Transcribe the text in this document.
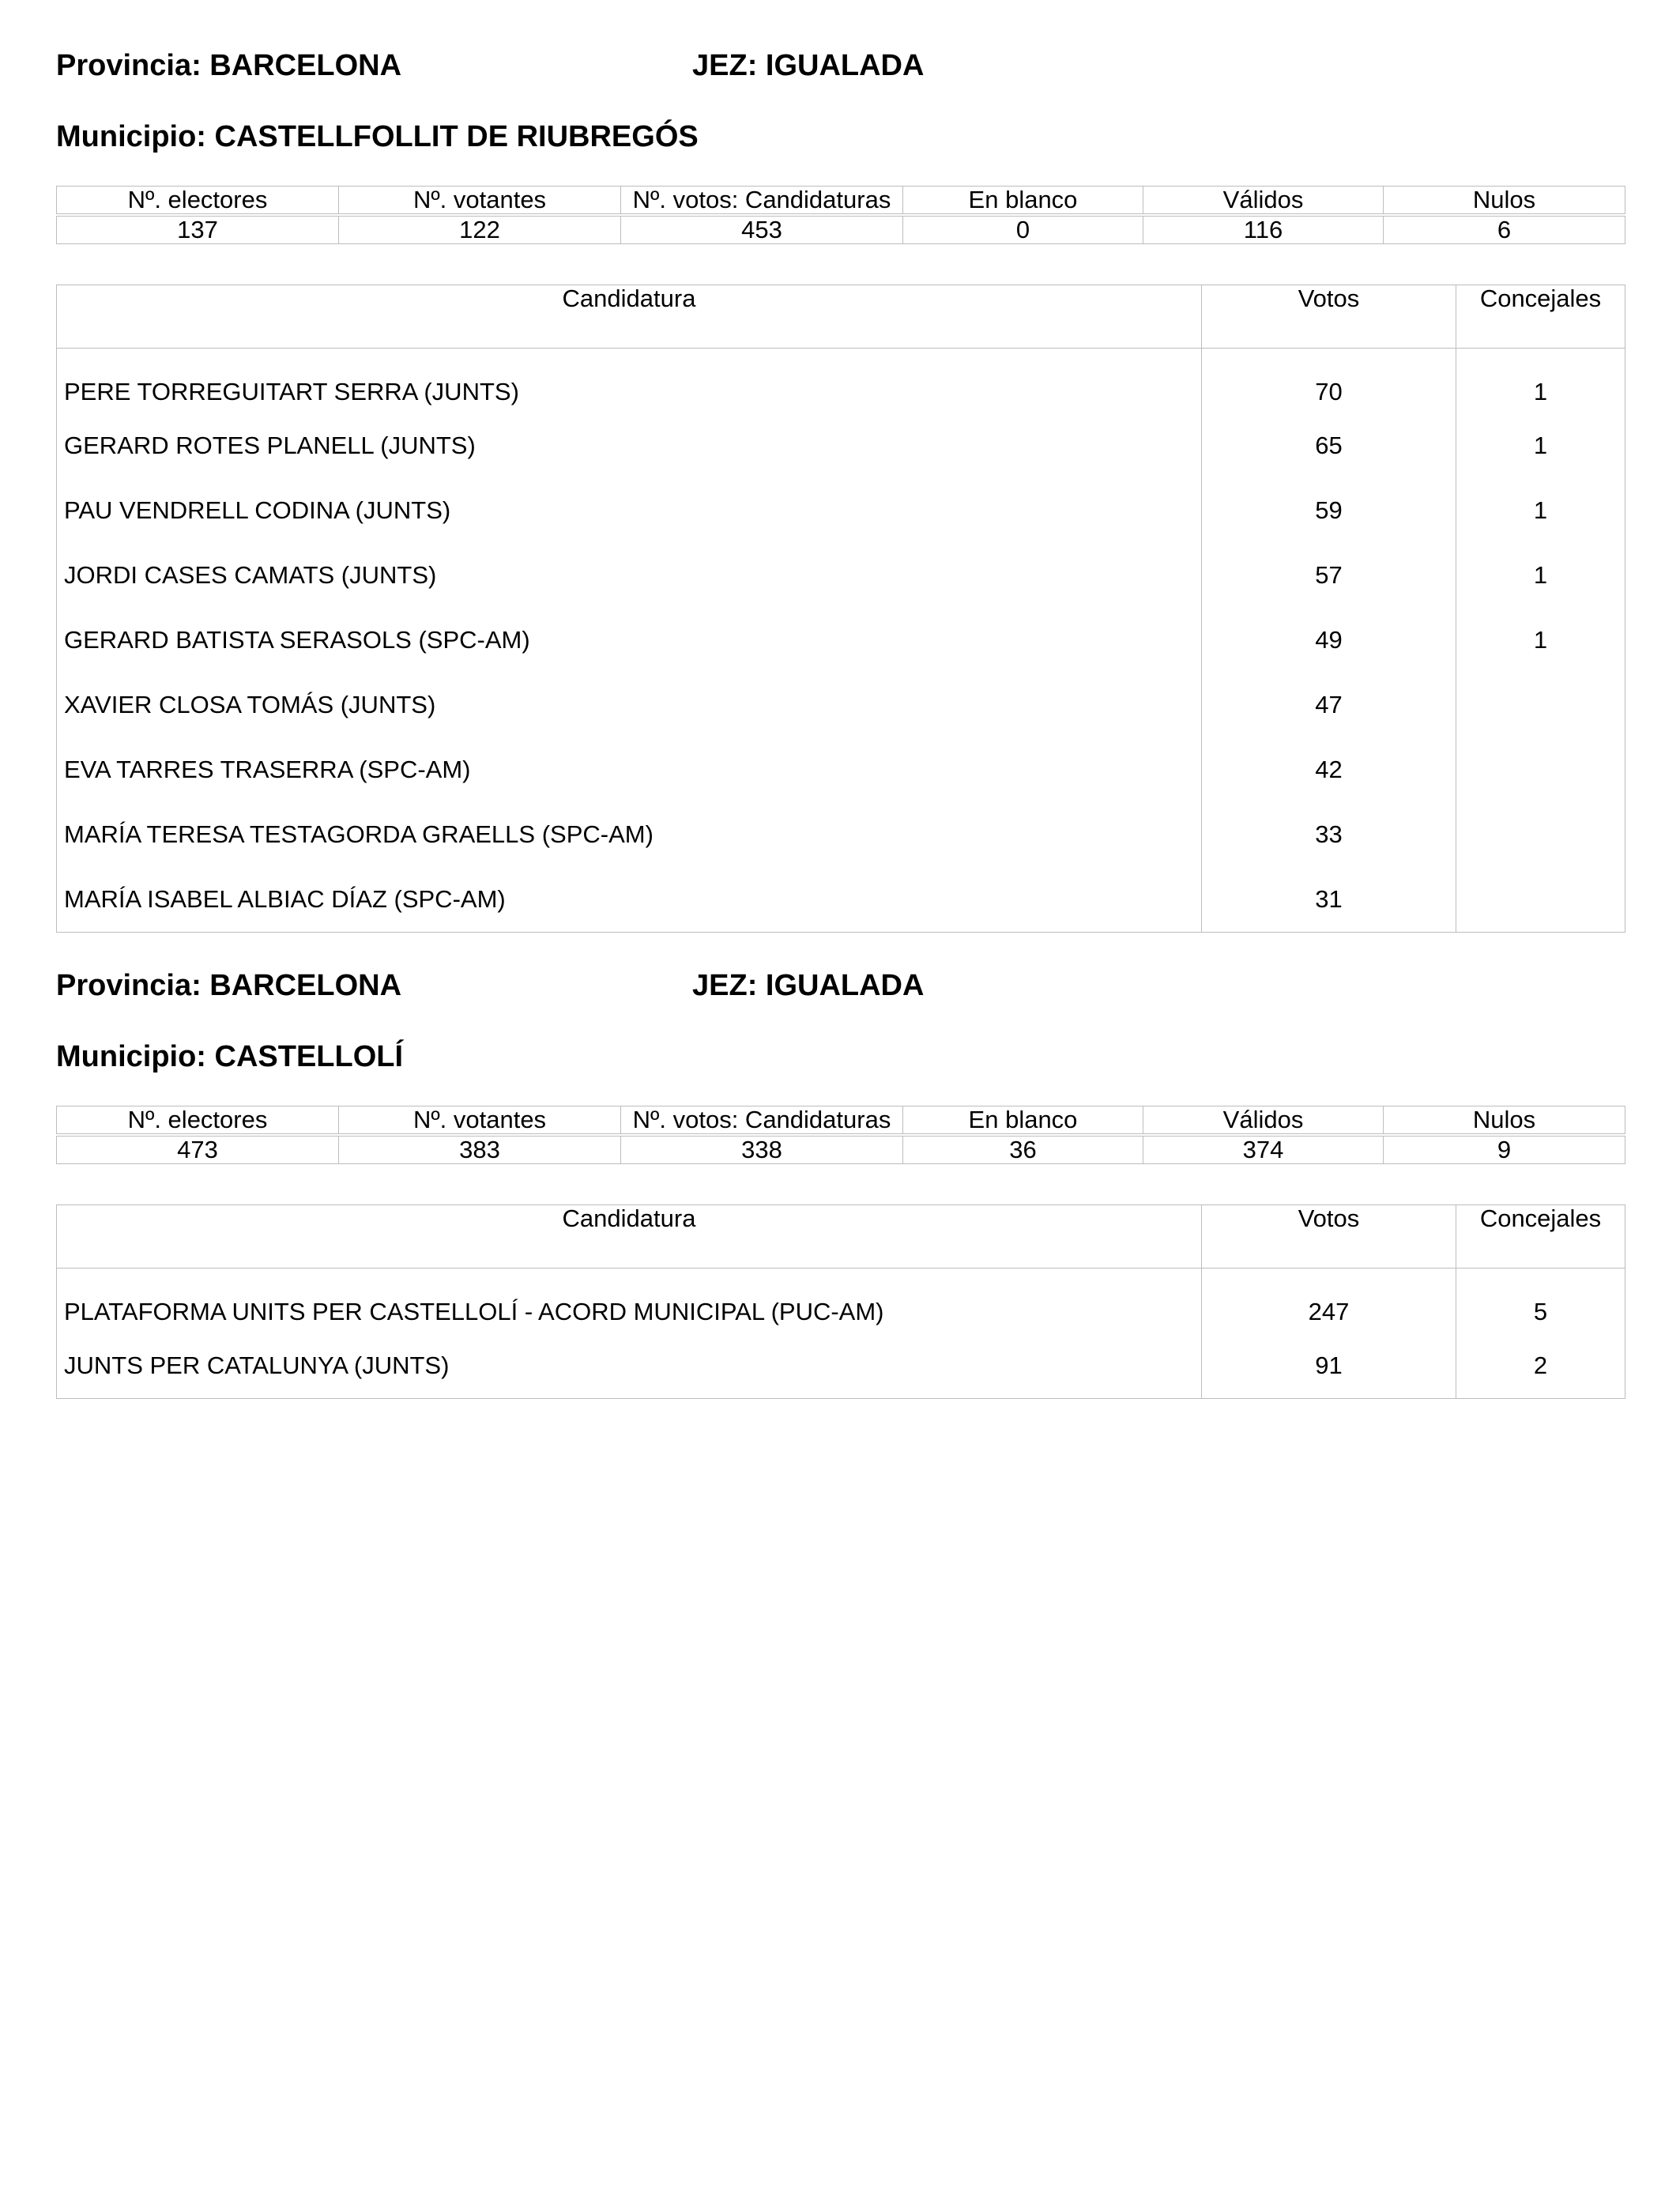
Provincia: BARCELONA	JEZ: IGUALADA
Municipio: CASTELLFOLLIT DE RIUBREGÓS
Nº. electores	Nº. votantes	Nº. votos: Candidaturas	En blanco	Válidos	Nulos

137	122	453	0	116	6
Candidatura	Votos	Concejales
PERE TORREGUITART SERRA (JUNTS)	70	1
GERARD ROTES PLANELL (JUNTS)	65	1
PAU VENDRELL CODINA (JUNTS)	59	1
JORDI CASES CAMATS (JUNTS)	57	1
GERARD BATISTA SERASOLS (SPC-AM)	49	1
XAVIER CLOSA TOMÁS (JUNTS)	47	
EVA TARRES TRASERRA (SPC-AM)	42	
MARÍA TERESA TESTAGORDA GRAELLS (SPC-AM)	33	
MARÍA ISABEL ALBIAC DÍAZ (SPC-AM)	31	
Provincia: BARCELONA	JEZ: IGUALADA
Municipio: CASTELLOLÍ
Nº. electores	Nº. votantes	Nº. votos: Candidaturas	En blanco	Válidos	Nulos

473	383	338	36	374	9
Candidatura	Votos	Concejales
PLATAFORMA UNITS PER CASTELLOLÍ - ACORD MUNICIPAL (PUC-AM)	247	5
JUNTS PER CATALUNYA (JUNTS)	91	2
